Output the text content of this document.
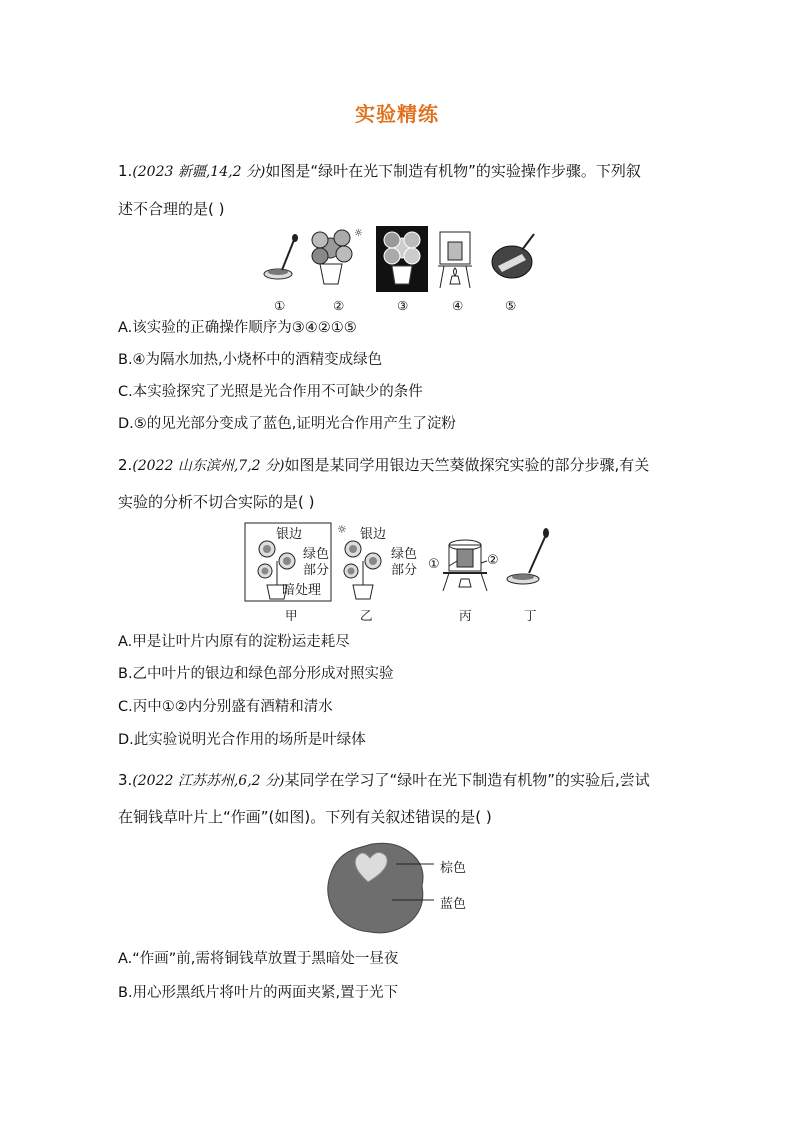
实验精练
1.(2023 新疆,14,2 分)如图是“绿叶在光下制造有机物”的实验操作步骤。下列叙
述不合理的是( )
☼
①	②	③	④	⑤
A.该实验的正确操作顺序为③④②①⑤
B.④为隔水加热,小烧杯中的酒精变成绿色
C.本实验探究了光照是光合作用不可缺少的条件
D.⑤的见光部分变成了蓝色,证明光合作用产生了淀粉
2.(2022 山东滨州,7,2 分)如图是某同学用银边天竺葵做探究实验的部分步骤,有关
实验的分析不切合实际的是( )
☼
银边
绿色
部分
暗处理
银边
绿色
部分 ①	②
甲	乙	丙	丁
A.甲是让叶片内原有的淀粉运走耗尽
B.乙中叶片的银边和绿色部分形成对照实验
C.丙中①②内分别盛有酒精和清水
D.此实验说明光合作用的场所是叶绿体
3.(2022 江苏苏州,6,2 分)某同学在学习了“绿叶在光下制造有机物”的实验后,尝试
在铜钱草叶片上“作画”(如图)。下列有关叙述错误的是( )
棕色
蓝色
A.“作画”前,需将铜钱草放置于黑暗处一昼夜
B.用心形黑纸片将叶片的两面夹紧,置于光下
